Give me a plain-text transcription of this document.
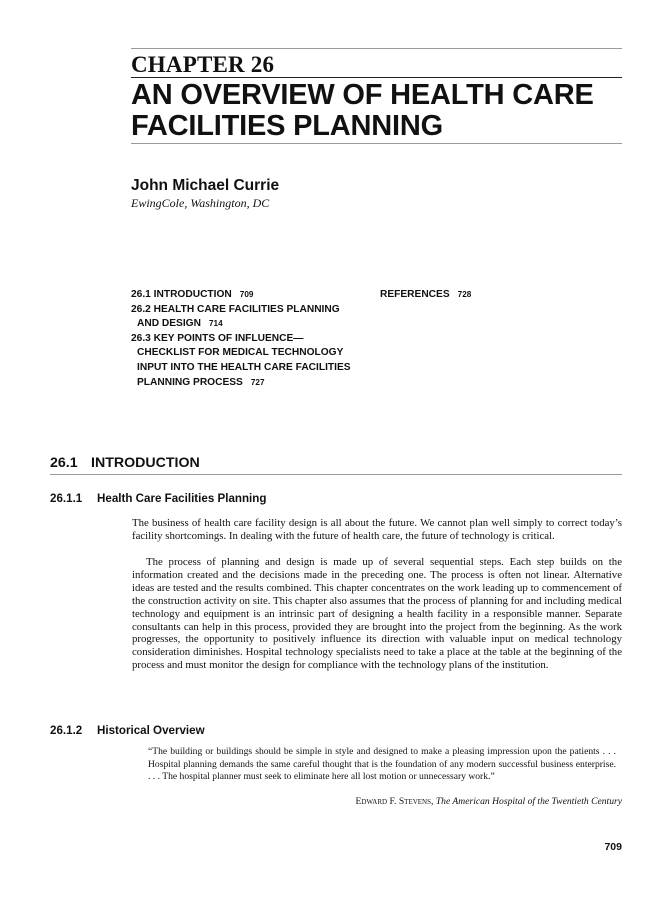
CHAPTER 26
AN OVERVIEW OF HEALTH CARE FACILITIES PLANNING
John Michael Currie
EwingCole, Washington, DC
26.1 INTRODUCTION 709
26.2 HEALTH CARE FACILITIES PLANNING
AND DESIGN 714
26.3 KEY POINTS OF INFLUENCE—
CHECKLIST FOR MEDICAL TECHNOLOGY
INPUT INTO THE HEALTH CARE FACILITIES
PLANNING PROCESS 727
REFERENCES 728
26.1 INTRODUCTION
26.1.1 Health Care Facilities Planning

The business of health care facility design is all about the future. We cannot plan well simply to correct today’s facility shortcomings. In dealing with the future of health care, the future of technology is critical.

The process of planning and design is made up of several sequential steps. Each step builds on the information created and the decisions made in the preceding one. The process is often not linear. Alternative ideas are tested and the results combined. This chapter concentrates on the work leading up to commencement of the construction activity on site. This chapter also assumes that the process of planning for and including medical technology and equipment is an intrinsic part of designing a health facility in a responsible manner. Separate consultants can help in this process, provided they are brought into the project from the beginning. As the work progresses, the opportunity to positively influence its direction with valuable input on medical technology consideration diminishes. Hospital technology specialists need to take a place at the table at the beginning of the process and must monitor the design for compliance with the technology plans of the institution.

26.1.2 Historical Overview

“The building or buildings should be simple in style and designed to make a pleasing impression upon the patients . . . Hospital planning demands the same careful thought that is the foundation of any modern successful business enterprise. . . . The hospital planner must seek to eliminate here all lost motion or unnecessary work.”

Edward F. Stevens, The American Hospital of the Twentieth Century
709
